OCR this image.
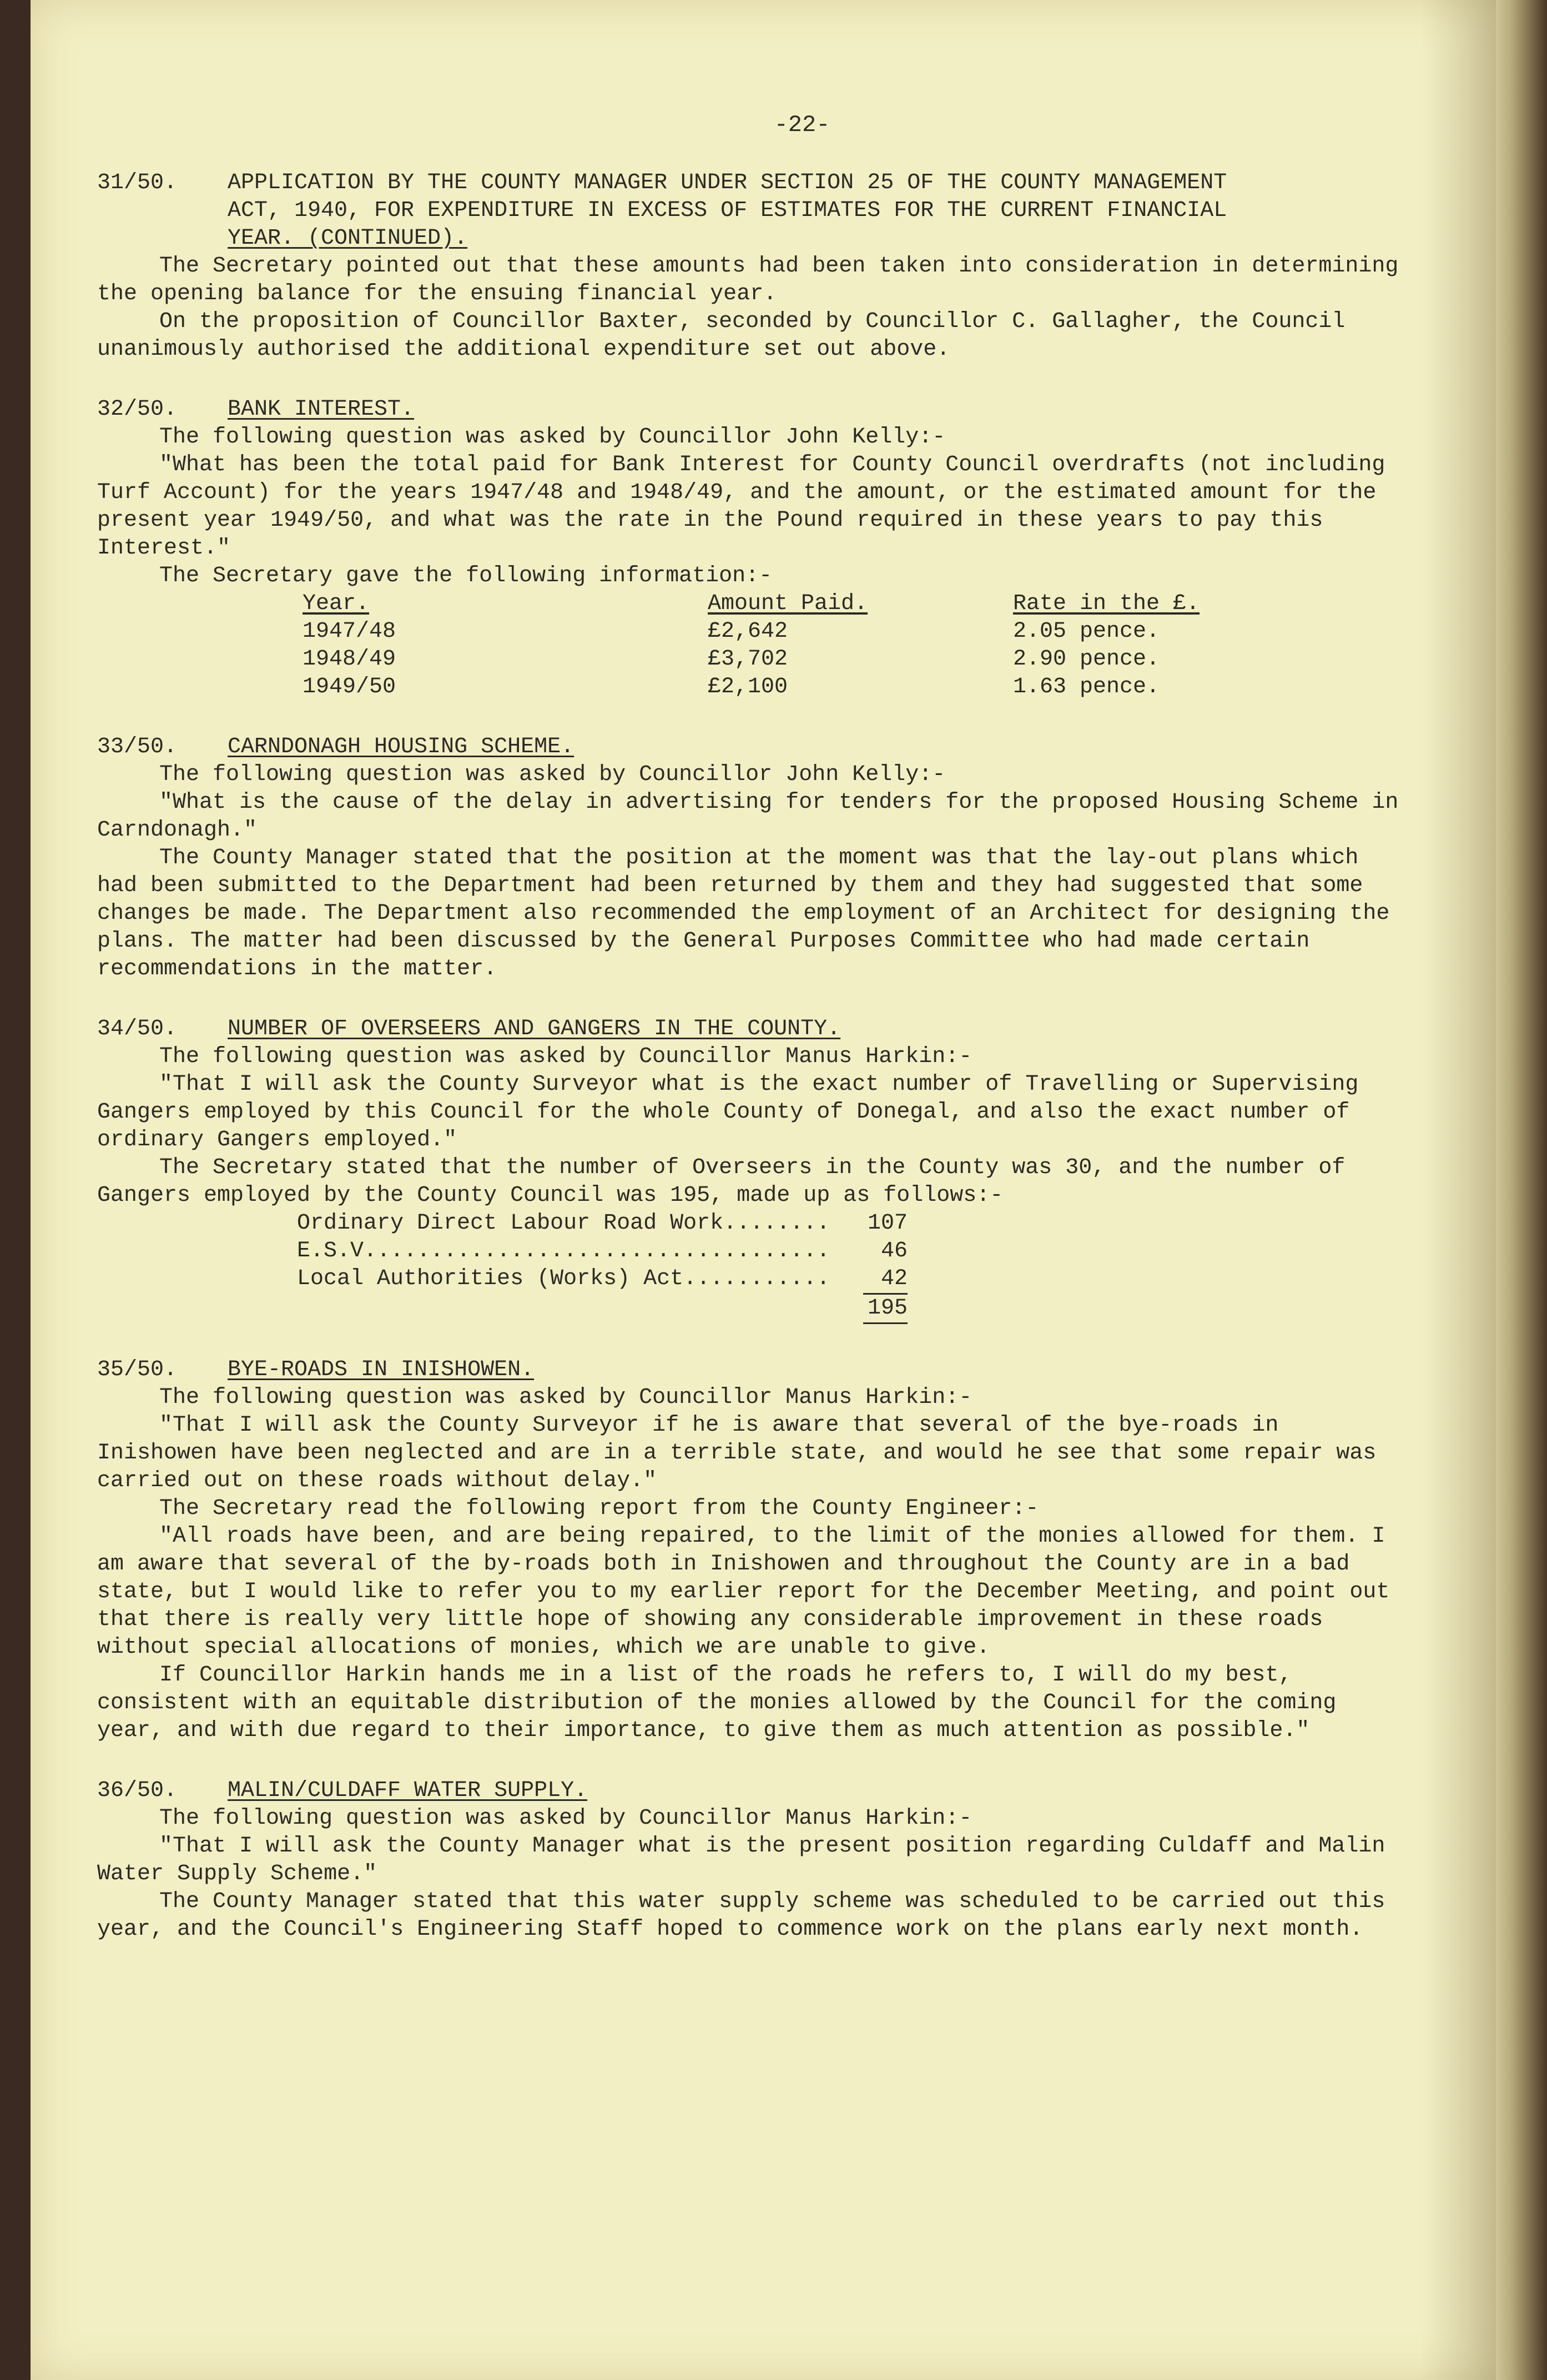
-22-
31/50.	APPLICATION BY THE COUNTY MANAGER UNDER SECTION 25 OF THE COUNTY MANAGEMENT
ACT, 1940, FOR EXPENDITURE IN EXCESS OF ESTIMATES FOR THE CURRENT FINANCIAL
YEAR. (CONTINUED).

The Secretary pointed out that these amounts had been taken into consideration in determining the opening balance for the ensuing financial year.

On the proposition of Councillor Baxter, seconded by Councillor C. Gallagher, the Council unanimously authorised the additional expenditure set out above.

32/50.	BANK INTEREST.

The following question was asked by Councillor John Kelly:-

"What has been the total paid for Bank Interest for County Council overdrafts (not including Turf Account) for the years 1947/48 and 1948/49, and the amount, or the estimated amount for the present year 1949/50, and what was the rate in the Pound required in these years to pay this Interest."

The Secretary gave the following information:-

Year.	Amount Paid.	Rate in the £.
1947/48	£2,642	2.05 pence.
1948/49	£3,702	2.90 pence.
1949/50	£2,100	1.63 pence.
33/50.	CARNDONAGH HOUSING SCHEME.

The following question was asked by Councillor John Kelly:-

"What is the cause of the delay in advertising for tenders for the proposed Housing Scheme in Carndonagh."

The County Manager stated that the position at the moment was that the lay-out plans which had been submitted to the Department had been returned by them and they had suggested that some changes be made. The Department also recommended the employment of an Architect for designing the plans. The matter had been discussed by the General Purposes Committee who had made certain recommendations in the matter.

34/50.	NUMBER OF OVERSEERS AND GANGERS IN THE COUNTY.

The following question was asked by Councillor Manus Harkin:-

"That I will ask the County Surveyor what is the exact number of Travelling or Supervising Gangers employed by this Council for the whole County of Donegal, and also the exact number of ordinary Gangers employed."

The Secretary stated that the number of Overseers in the County was 30, and the number of Gangers employed by the County Council was 195, made up as follows:-

Ordinary Direct Labour Road Work........	107
E.S.V...................................	46
Local Authorities (Works) Act...........	42
195
35/50.	BYE-ROADS IN INISHOWEN.

The following question was asked by Councillor Manus Harkin:-

"That I will ask the County Surveyor if he is aware that several of the bye-roads in Inishowen have been neglected and are in a terrible state, and would he see that some repair was carried out on these roads without delay."

The Secretary read the following report from the County Engineer:-

"All roads have been, and are being repaired, to the limit of the monies allowed for them. I am aware that several of the by-roads both in Inishowen and throughout the County are in a bad state, but I would like to refer you to my earlier report for the December Meeting, and point out that there is really very little hope of showing any considerable improvement in these roads without special allocations of monies, which we are unable to give.

If Councillor Harkin hands me in a list of the roads he refers to, I will do my best, consistent with an equitable distribution of the monies allowed by the Council for the coming year, and with due regard to their importance, to give them as much attention as possible."

36/50.	MALIN/CULDAFF WATER SUPPLY.

The following question was asked by Councillor Manus Harkin:-

"That I will ask the County Manager what is the present position regarding Culdaff and Malin Water Supply Scheme."

The County Manager stated that this water supply scheme was scheduled to be carried out this year, and the Council's Engineering Staff hoped to commence work on the plans early next month.
